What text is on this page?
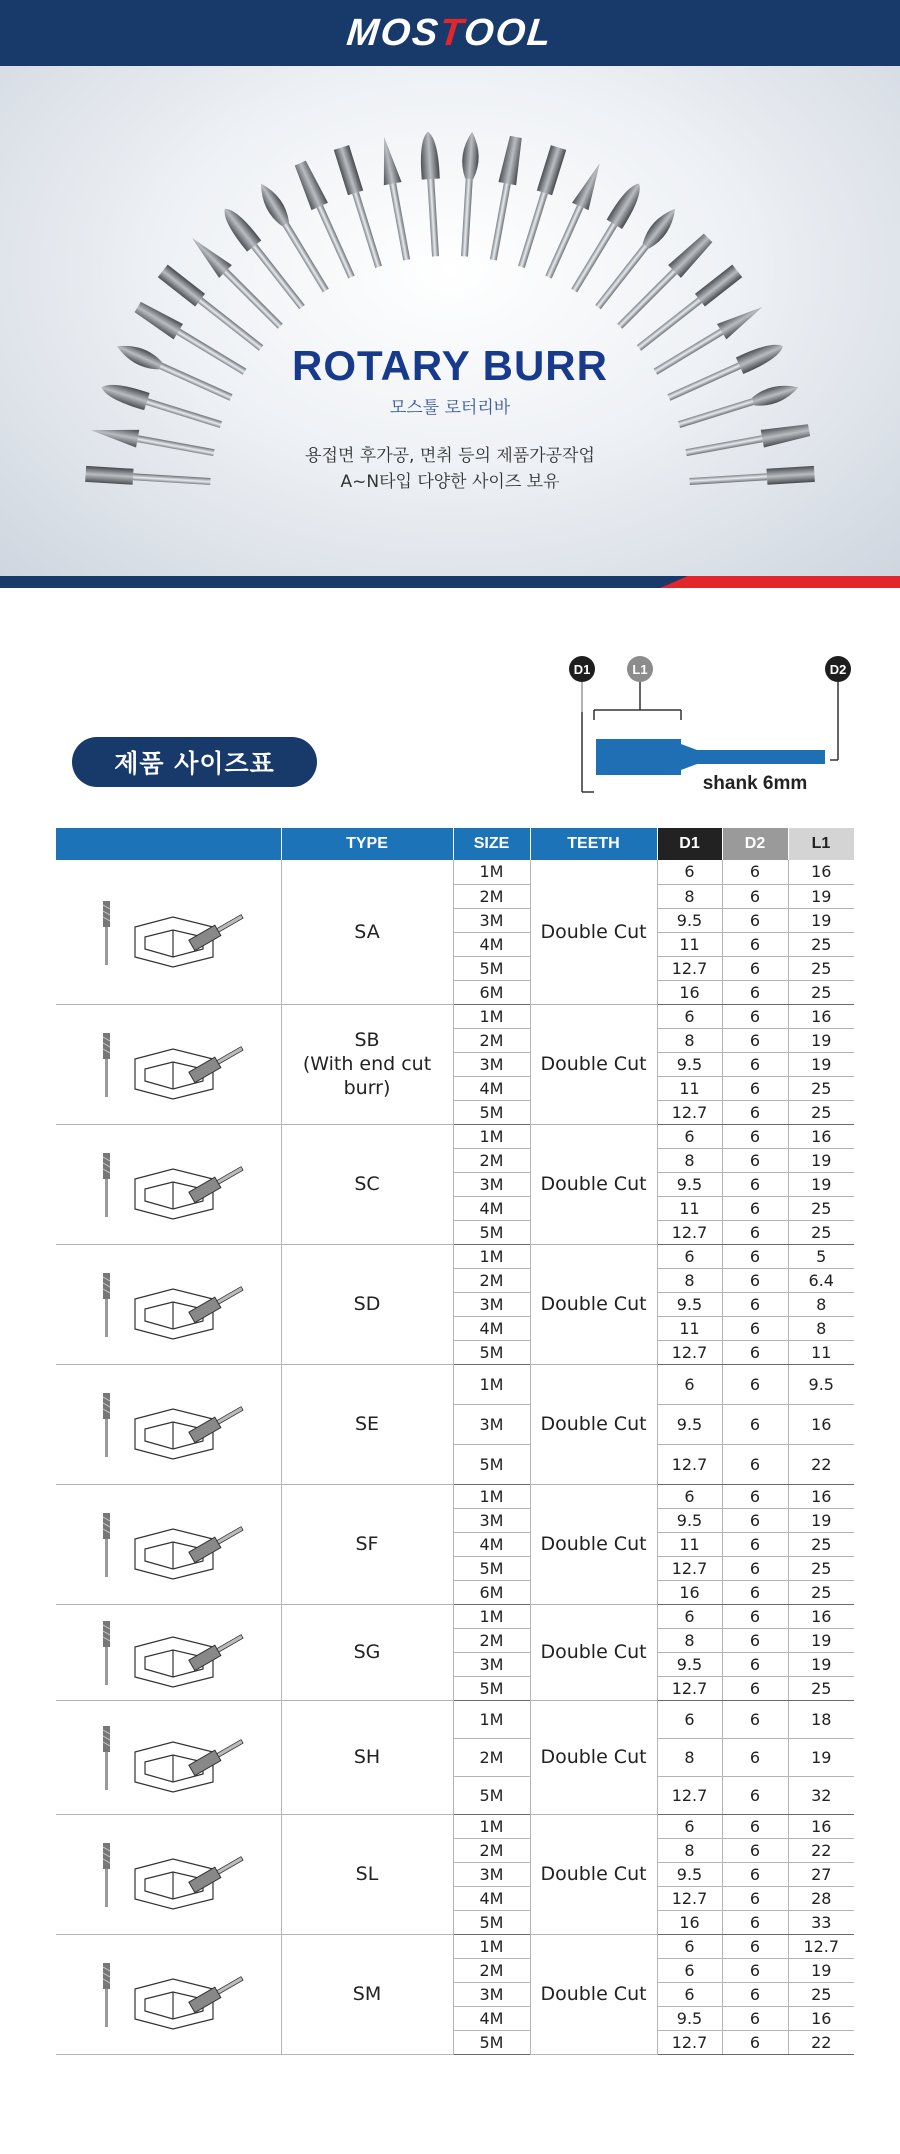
MOSTOOL
ROTARY BURR
모스툴 로터리바
용접면 후가공, 면취 등의 제품가공작업
A~N타입 다양한 사이즈 보유
제품 사이즈표
D1	L1	D2
shank 6mm
	TYPE	SIZE	TEETH	D1	D2	L1

SA	1M	Double Cut	6	6	16
		2M		8	6	19
		3M		9.5	6	19
		4M		11	6	25
		5M		12.7	6	25
		6M		16	6	25

SB
(With end cut burr)	1M	Double Cut	6	6	16
		2M		8	6	19
		3M		9.5	6	19
		4M		11	6	25
		5M		12.7	6	25

SC	1M	Double Cut	6	6	16
		2M		8	6	19
		3M		9.5	6	19
		4M		11	6	25
		5M		12.7	6	25

SD	1M	Double Cut	6	6	5
		2M		8	6	6.4
		3M		9.5	6	8
		4M		11	6	8
		5M		12.7	6	11

SE	1M	Double Cut	6	6	9.5
		3M		9.5	6	16
		5M		12.7	6	22

SF	1M	Double Cut	6	6	16
		3M		9.5	6	19
		4M		11	6	25
		5M		12.7	6	25
		6M		16	6	25

SG	1M	Double Cut	6	6	16
		2M		8	6	19
		3M		9.5	6	19
		5M		12.7	6	25

SH	1M	Double Cut	6	6	18
		2M		8	6	19
		5M		12.7	6	32

SL	1M	Double Cut	6	6	16
		2M		8	6	22
		3M		9.5	6	27
		4M		12.7	6	28
		5M		16	6	33

SM	1M	Double Cut	6	6	12.7
		2M		6	6	19
		3M		6	6	25
		4M		9.5	6	16
		5M		12.7	6	22
